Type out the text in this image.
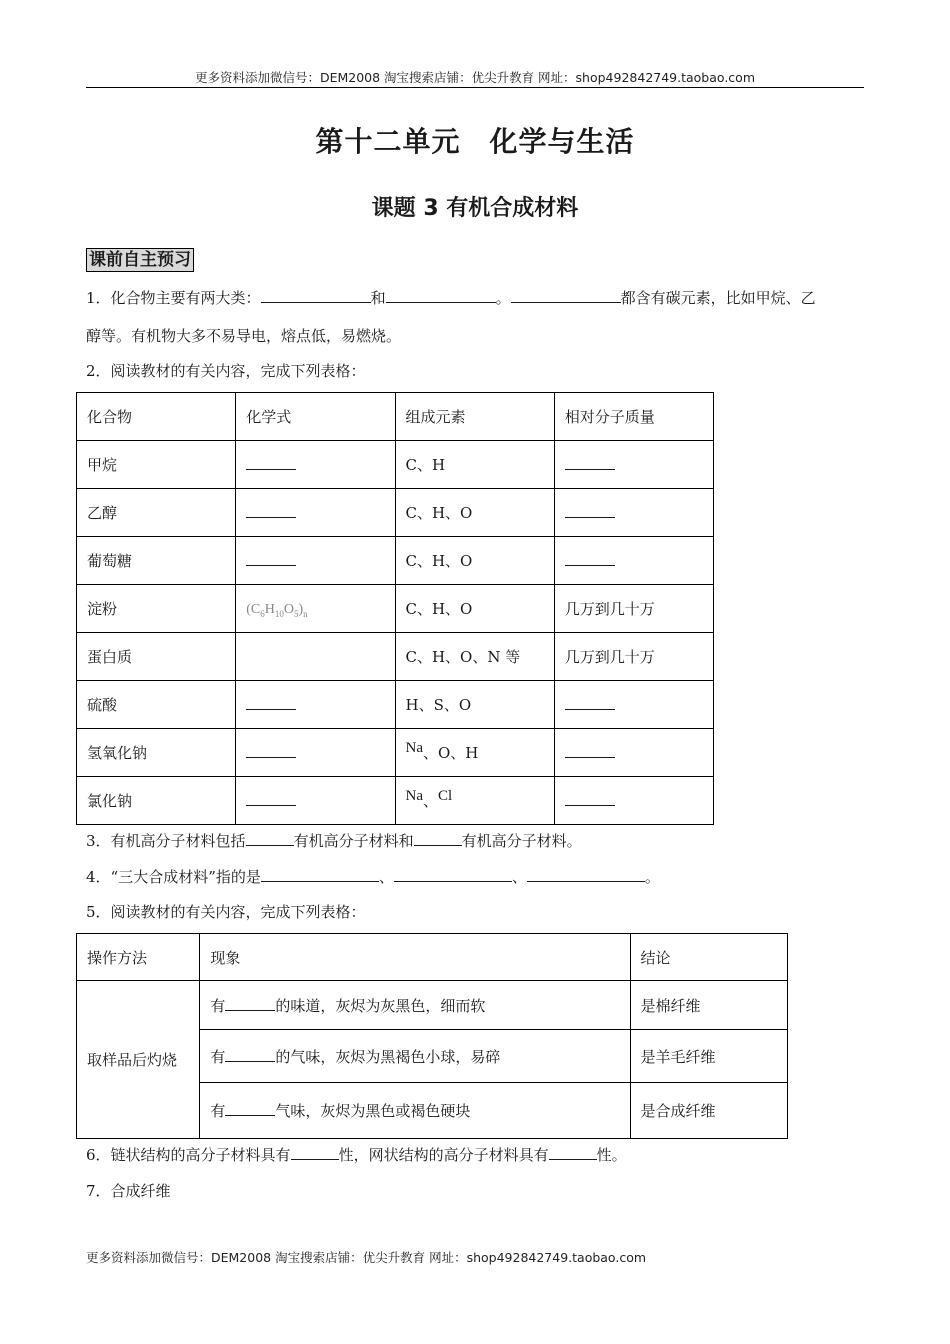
更多资料添加微信号：DEM2008 淘宝搜索店铺：优尖升教育 网址：shop492842749.taobao.com
第十二单元　化学与生活
课题 3 有机合成材料
课前自主预习
1．化合物主要有两大类：	和	。	都含有碳元素，比如甲烷、乙
醇等。有机物大多不易导电，熔点低，易燃烧。
2．阅读教材的有关内容，完成下列表格：
化合物	化学式	组成元素	相对分子质量
甲烷		C、H	
乙醇		C、H、O	
葡萄糖		C、H、O	
淀粉	$(C_6H_{10}O_5)_n$	C、H、O	几万到几十万
蛋白质		C、H、O、N 等	几万到几十万
硫酸		H、S、O	
氢氧化钠		Na、O、H	
氯化钠		Na、Cl	
3．有机高分子材料包括	有机高分子材料和	有机高分子材料。
4．“三大合成材料”指的是	、	、	。
5．阅读教材的有关内容，完成下列表格：
操作方法	现象	结论
取样品后灼烧	有 的味道，灰烬为灰黑色，细而软	是棉纤维
	有 的气味，灰烬为黑褐色小球，易碎	是羊毛纤维
	有 气味，灰烬为黑色或褐色硬块	是合成纤维
6．链状结构的高分子材料具有	性，网状结构的高分子材料具有	性。
7．合成纤维
更多资料添加微信号：DEM2008 淘宝搜索店铺：优尖升教育 网址：shop492842749.taobao.com
